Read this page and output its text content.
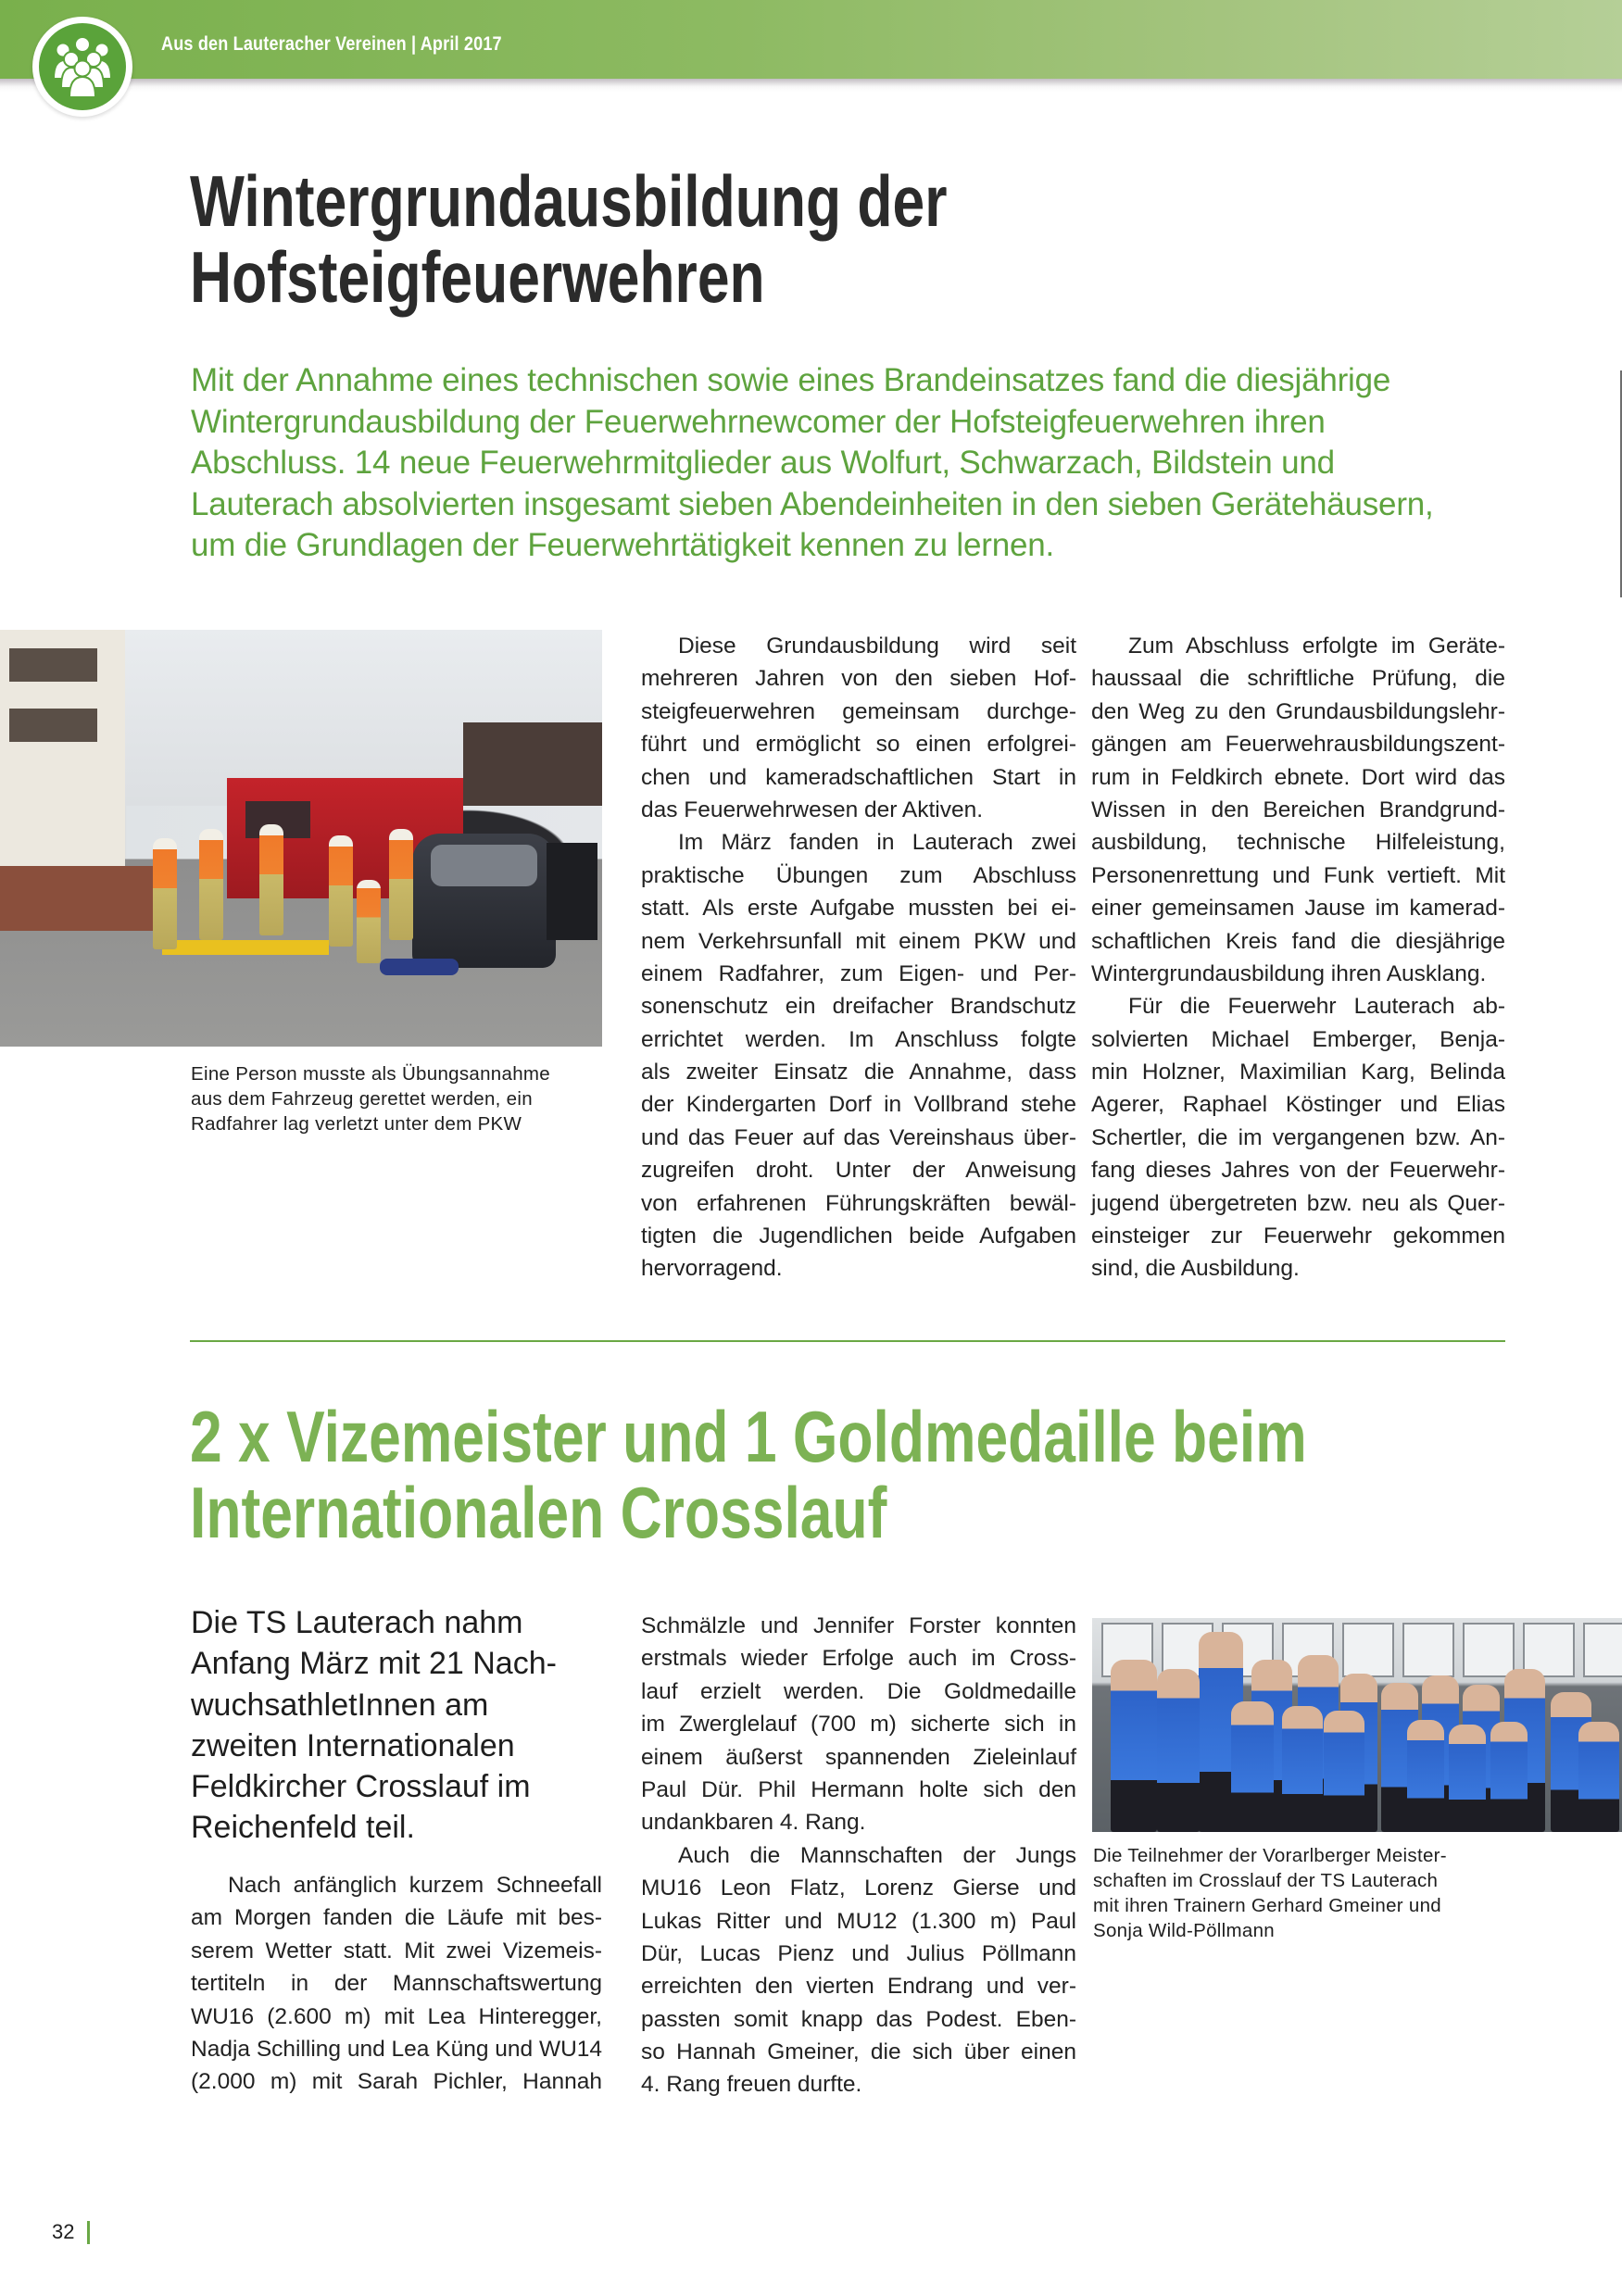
Aus den Lauteracher Vereinen | April 2017
Wintergrundausbildung der
Hofsteigfeuerwehren
Mit der Annahme eines technischen sowie eines Brandeinsatzes fand die diesjährige
Wintergrundausbildung der Feuerwehrnewcomer der Hofsteigfeuerwehren ihren
Abschluss. 14 neue Feuerwehrmitglieder aus Wolfurt, Schwarzach, Bildstein und
Lauterach absolvierten insgesamt sieben Abendeinheiten in den sieben Gerätehäusern,
um die Grundlagen der Feuerwehrtätigkeit kennen zu lernen.
Eine Person musste als Übungsannahme
aus dem Fahrzeug gerettet werden, ein
Radfahrer lag verletzt unter dem PKW
Diese Grundausbildung wird seit
mehreren Jahren von den sieben Hof-
steigfeuerwehren gemeinsam durchge-
führt und ermöglicht so einen erfolgrei-
chen und kameradschaftlichen Start in
das Feuerwehrwesen der Aktiven.
Im März fanden in Lauterach zwei
praktische Übungen zum Abschluss
statt. Als erste Aufgabe mussten bei ei-
nem Verkehrsunfall mit einem PKW und
einem Radfahrer, zum Eigen- und Per-
sonenschutz ein dreifacher Brandschutz
errichtet werden. Im Anschluss folgte
als zweiter Einsatz die Annahme, dass
der Kindergarten Dorf in Vollbrand stehe
und das Feuer auf das Vereinshaus über-
zugreifen droht. Unter der Anweisung
von erfahrenen Führungskräften bewäl-
tigten die Jugendlichen beide Aufgaben
hervorragend.
Zum Abschluss erfolgte im Geräte-
haussaal die schriftliche Prüfung, die
den Weg zu den Grundausbildungslehr-
gängen am Feuerwehrausbildungszent-
rum in Feldkirch ebnete. Dort wird das
Wissen in den Bereichen Brandgrund-
ausbildung, technische Hilfeleistung,
Personenrettung und Funk vertieft. Mit
einer gemeinsamen Jause im kamerad-
schaftlichen Kreis fand die diesjährige
Wintergrundausbildung ihren Ausklang.
Für die Feuerwehr Lauterach ab-
solvierten Michael Emberger, Benja-
min Holzner, Maximilian Karg, Belinda
Agerer, Raphael Köstinger und Elias
Schertler, die im vergangenen bzw. An-
fang dieses Jahres von der Feuerwehr-
jugend übergetreten bzw. neu als Quer-
einsteiger zur Feuerwehr gekommen
sind, die Ausbildung.
2 x Vizemeister und 1 Goldmedaille beim
Internationalen Crosslauf
Die TS Lauterach nahm
Anfang März mit 21 Nach-
wuchsathletInnen am
zweiten Internationalen
Feldkircher Crosslauf im
Reichenfeld teil.
Nach anfänglich kurzem Schneefall
am Morgen fanden die Läufe mit bes-
serem Wetter statt. Mit zwei Vizemeis-
tertiteln in der Mannschaftswertung
WU16 (2.600 m) mit Lea Hinteregger,
Nadja Schilling und Lea Küng und WU14
(2.000 m) mit Sarah Pichler, Hannah
Schmälzle und Jennifer Forster konnten
erstmals wieder Erfolge auch im Cross-
lauf erzielt werden. Die Goldmedaille
im Zwerglelauf (700 m) sicherte sich in
einem äußerst spannenden Zieleinlauf
Paul Dür. Phil Hermann holte sich den
undankbaren 4. Rang.
Auch die Mannschaften der Jungs
MU16 Leon Flatz, Lorenz Gierse und
Lukas Ritter und MU12 (1.300 m) Paul
Dür, Lucas Pienz und Julius Pöllmann
erreichten den vierten Endrang und ver-
passten somit knapp das Podest. Eben-
so Hannah Gmeiner, die sich über einen
4. Rang freuen durfte.
Die Teilnehmer der Vorarlberger Meister-
schaften im Crosslauf der TS Lauterach
mit ihren Trainern Gerhard Gmeiner und
Sonja Wild-Pöllmann
32
